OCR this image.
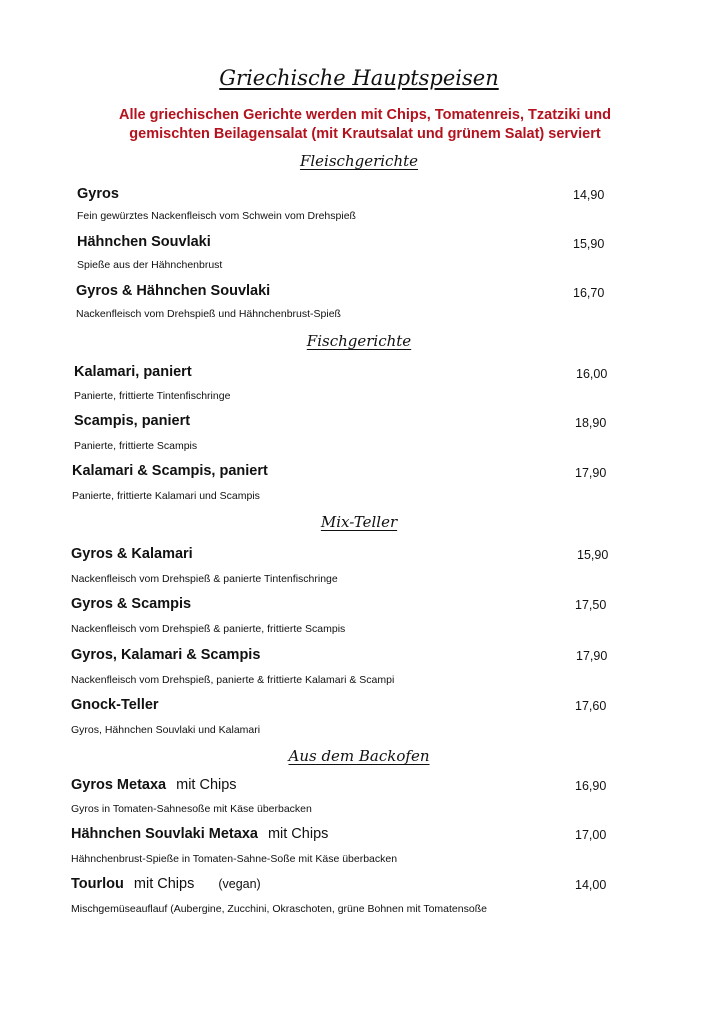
Griechische Hauptspeisen
Alle griechischen Gerichte werden mit Chips, Tomatenreis, Tzatziki und
gemischten Beilagensalat (mit Krautsalat und grünem Salat) serviert
Fleischgerichte
Gyros	14,90
Fein gewürztes Nackenfleisch vom Schwein vom Drehspieß
Hähnchen Souvlaki	15,90
Spieße aus der Hähnchenbrust
Gyros & Hähnchen Souvlaki	16,70
Nackenfleisch vom Drehspieß und Hähnchenbrust-Spieß
Fischgerichte
Kalamari, paniert	16,00
Panierte, frittierte Tintenfischringe
Scampis, paniert	18,90
Panierte, frittierte Scampis
Kalamari & Scampis, paniert	17,90
Panierte, frittierte Kalamari und Scampis
Mix-Teller
Gyros & Kalamari	15,90
Nackenfleisch vom Drehspieß & panierte Tintenfischringe
Gyros & Scampis	17,50
Nackenfleisch vom Drehspieß & panierte, frittierte Scampis
Gyros, Kalamari & Scampis	17,90
Nackenfleisch vom Drehspieß, panierte & frittierte Kalamari & Scampi
Gnock-Teller	17,60
Gyros, Hähnchen Souvlaki und Kalamari
Aus dem Backofen
Gyros Metaxa mit Chips	16,90
Gyros in Tomaten-Sahnesoße mit Käse überbacken
Hähnchen Souvlaki Metaxa mit Chips	17,00
Hähnchenbrust-Spieße in Tomaten-Sahne-Soße mit Käse überbacken
Tourlou mit Chips (vegan)	14,00
Mischgemüseauflauf (Aubergine, Zucchini, Okraschoten, grüne Bohnen mit Tomatensoße
